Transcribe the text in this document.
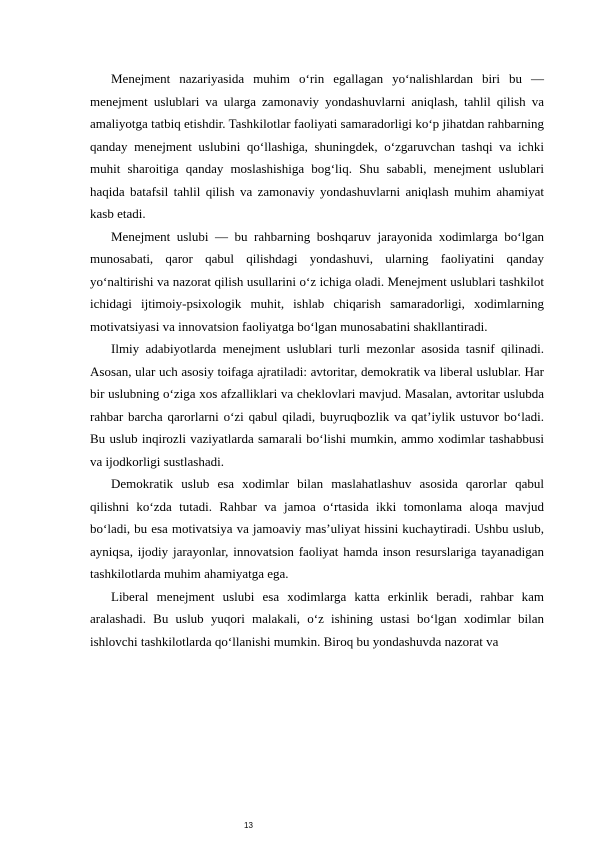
Menejment nazariyasida muhim o‘rin egallagan yo‘nalishlardan biri bu — menejment uslublari va ularga zamonaviy yondashuvlarni aniqlash, tahlil qilish va amaliyotga tatbiq etishdir. Tashkilotlar faoliyati samaradorligi ko‘p jihatdan rahbarning qanday menejment uslubini qo‘llashiga, shuningdek, o‘zgaruvchan tashqi va ichki muhit sharoitiga qanday moslashishiga bog‘liq. Shu sababli, menejment uslublari haqida batafsil tahlil qilish va zamonaviy yondashuvlarni aniqlash muhim ahamiyat kasb etadi.

Menejment uslubi — bu rahbarning boshqaruv jarayonida xodimlarga bo‘lgan munosabati, qaror qabul qilishdagi yondashuvi, ularning faoliyatini qanday yo‘naltirishi va nazorat qilish usullarini o‘z ichiga oladi. Menejment uslublari tashkilot ichidagi ijtimoiy-psixologik muhit, ishlab chiqarish samaradorligi, xodimlarning motivatsiyasi va innovatsion faoliyatga bo‘lgan munosabatini shakllantiradi.

Ilmiy adabiyotlarda menejment uslublari turli mezonlar asosida tasnif qilinadi. Asosan, ular uch asosiy toifaga ajratiladi: avtoritar, demokratik va liberal uslublar. Har bir uslubning o‘ziga xos afzalliklari va cheklovlari mavjud. Masalan, avtoritar uslubda rahbar barcha qarorlarni o‘zi qabul qiladi, buyruqbozlik va qat’iylik ustuvor bo‘ladi. Bu uslub inqirozli vaziyatlarda samarali bo‘lishi mumkin, ammo xodimlar tashabbusi va ijodkorligi sustlashadi.

Demokratik uslub esa xodimlar bilan maslahatlashuv asosida qarorlar qabul qilishni ko‘zda tutadi. Rahbar va jamoa o‘rtasida ikki tomonlama aloqa mavjud bo‘ladi, bu esa motivatsiya va jamoaviy mas’uliyat hissini kuchaytiradi. Ushbu uslub, ayniqsa, ijodiy jarayonlar, innovatsion faoliyat hamda inson resurslariga tayanadigan tashkilotlarda muhim ahamiyatga ega.

Liberal menejment uslubi esa xodimlarga katta erkinlik beradi, rahbar kam aralashadi. Bu uslub yuqori malakali, o‘z ishining ustasi bo‘lgan xodimlar bilan ishlovchi tashkilotlarda qo‘llanishi mumkin. Biroq bu yondashuvda nazorat va

13
